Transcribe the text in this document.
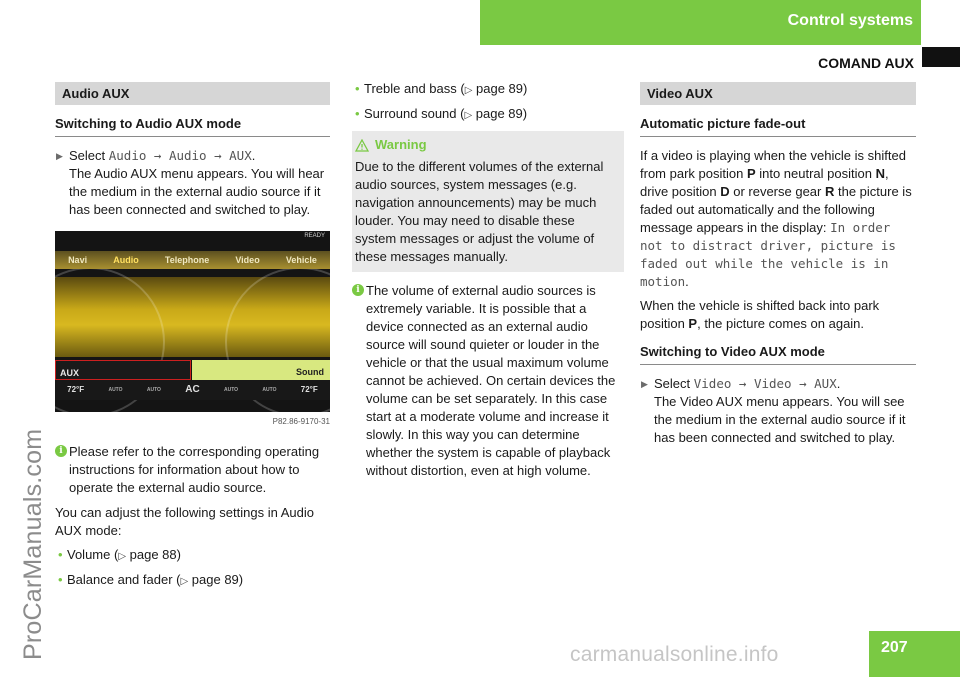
ProCarManuals.com
Control systems
COMAND AUX
Audio AUX
Switching to Audio AUX mode
▶ Select Audio → Audio → AUX.
The Audio AUX menu appears. You will hear the medium in the external audio source if it has been connected and switched to play.
READY
Navi	Audio	Telephone	Video	Vehicle
AUX	Sound
72°F	AUTO	AUTO AC	AUTO	AUTO	72°F
P82.86-9170-31
i Please refer to the corresponding operating instructions for information about how to operate the external audio source.
You can adjust the following settings in Audio AUX mode:
• Volume (▷ page 88)
• Balance and fader (▷ page 89)
• Treble and bass (▷ page 89)
• Surround sound (▷ page 89)
Warning
Due to the different volumes of the external audio sources, system messages (e.g. navigation announcements) may be much louder. You may need to disable these system messages or adjust the volume of these messages manually.
i The volume of external audio sources is extremely variable. It is possible that a device connected as an external audio source will sound quieter or louder in the vehicle or that the usual maximum volume cannot be achieved. On certain devices the volume can be set separately. In this case start at a moderate volume and increase it slowly. In this way you can determine whether the system is capable of playback without distortion, even at high volume.
Video AUX
Automatic picture fade-out
If a video is playing when the vehicle is shifted from park position P into neutral position N, drive position D or reverse gear R the picture is faded out automatically and the following message appears in the display: In order not to distract driver, picture is faded out while the vehicle is in motion.
When the vehicle is shifted back into park position P, the picture comes on again.
Switching to Video AUX mode
▶ Select Video → Video → AUX.
The Video AUX menu appears. You will see the medium in the external audio source if it has been connected and switched to play.
207
carmanualsonline.info
